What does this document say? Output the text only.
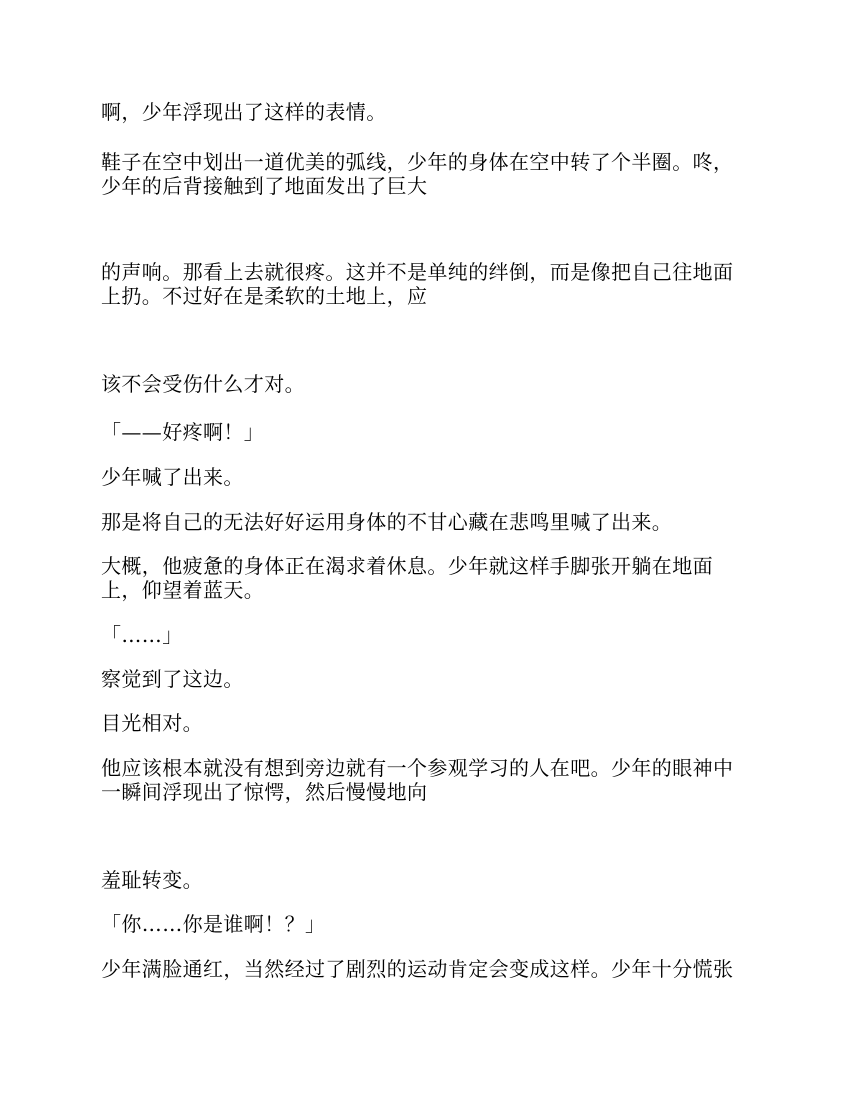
啊，少年浮现出了这样的表情。

鞋子在空中划出一道优美的弧线，少年的身体在空中转了个半圈。咚，少年的后背接触到了地面发出了巨大

的声响。那看上去就很疼。这并不是单纯的绊倒，而是像把自己往地面上扔。不过好在是柔软的土地上，应

该不会受伤什么才对。

「——好疼啊！」

少年喊了出来。

那是将自己的无法好好运用身体的不甘心藏在悲鸣里喊了出来。

大概，他疲惫的身体正在渴求着休息。少年就这样手脚张开躺在地面上，仰望着蓝天。

「……」

察觉到了这边。

目光相对。

他应该根本就没有想到旁边就有一个参观学习的人在吧。少年的眼神中一瞬间浮现出了惊愕，然后慢慢地向

羞耻转变。

「你……你是谁啊！？」

少年满脸通红，当然经过了剧烈的运动肯定会变成这样。少年十分慌张
